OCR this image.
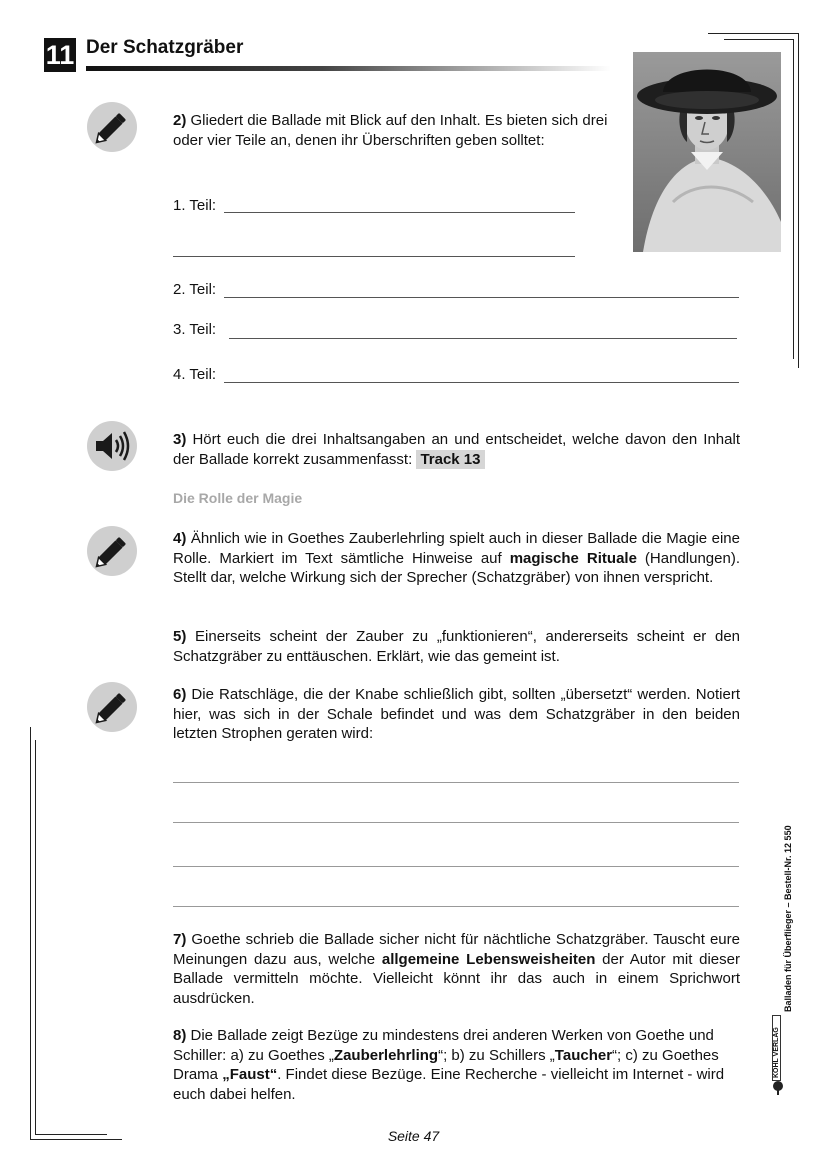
11 Der Schatzgräber
2) Gliedert die Ballade mit Blick auf den Inhalt. Es bieten sich drei oder vier Teile an, denen ihr Überschriften geben solltet:
1. Teil:
2. Teil:
3. Teil:
4. Teil:
3) Hört euch die drei Inhaltsangaben an und entscheidet, welche davon den Inhalt der Ballade korrekt zusammenfasst: Track 13
Die Rolle der Magie
4) Ähnlich wie in Goethes Zauberlehrling spielt auch in dieser Ballade die Magie eine Rolle. Markiert im Text sämtliche Hinweise auf magische Rituale (Handlungen). Stellt dar, welche Wirkung sich der Sprecher (Schatzgräber) von ihnen verspricht.
5) Einerseits scheint der Zauber zu „funktionieren“, andererseits scheint er den Schatzgräber zu enttäuschen. Erklärt, wie das gemeint ist.
6) Die Ratschläge, die der Knabe schließlich gibt, sollten „übersetzt“ werden. Notiert hier, was sich in der Schale befindet und was dem Schatzgräber in den beiden letzten Strophen geraten wird:
7) Goethe schrieb die Ballade sicher nicht für nächtliche Schatzgräber. Tauscht eure Meinungen dazu aus, welche allgemeine Lebensweisheiten der Autor mit dieser Ballade vermitteln möchte. Vielleicht könnt ihr das auch in einem Sprichwort ausdrücken.
8) Die Ballade zeigt Bezüge zu mindestens drei anderen Werken von Goethe und Schiller: a) zu Goethes „Zauberlehrling“; b) zu Schillers „Taucher“; c) zu Goethes Drama „Faust“. Findet diese Bezüge. Eine Recherche - vielleicht im Internet - wird euch dabei helfen.
Balladen für Überflieger – Bestell-Nr. 12 550
KOHL VERLAG
Seite 47
